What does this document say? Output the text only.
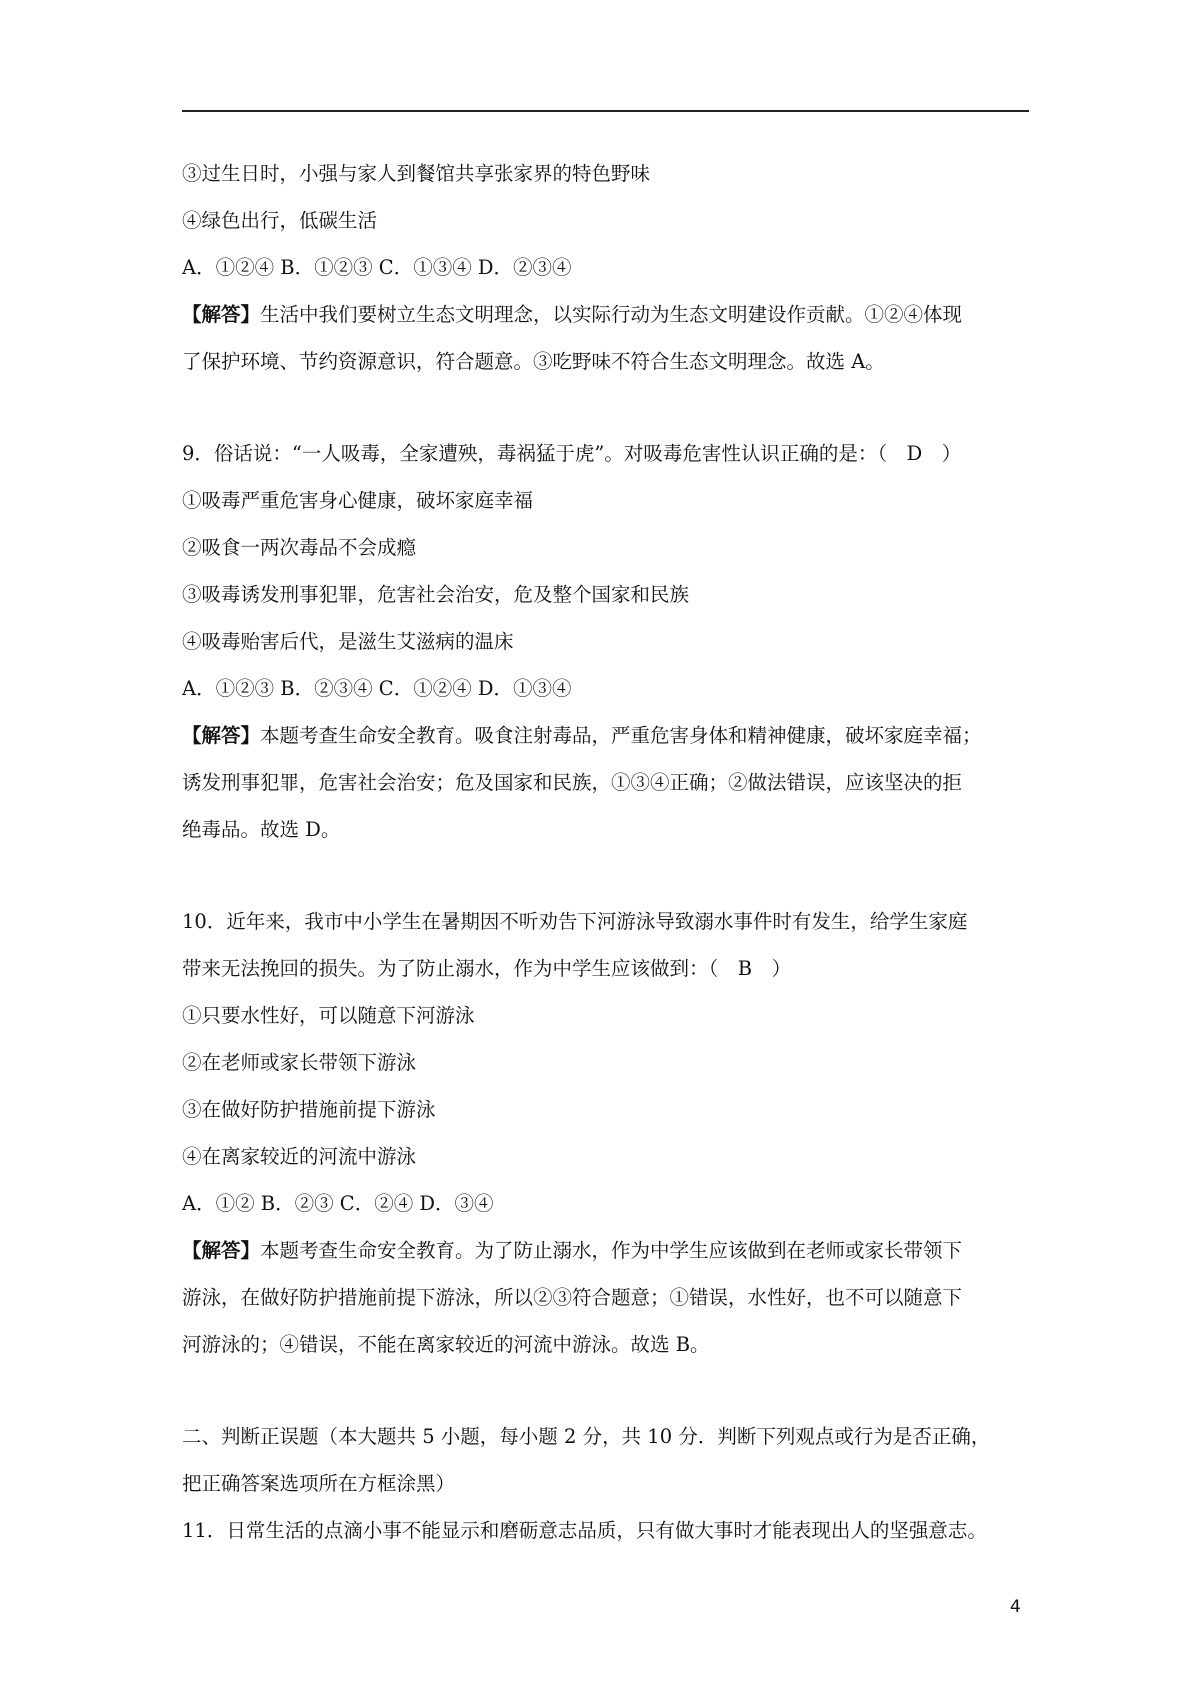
③过生日时，小强与家人到餐馆共享张家界的特色野味
④绿色出行，低碳生活
A．①②④ B．①②③ C．①③④ D．②③④
【解答】生活中我们要树立生态文明理念，以实际行动为生态文明建设作贡献。①②④体现
了保护环境、节约资源意识，符合题意。③吃野味不符合生态文明理念。故选 A。
9．俗话说：“一人吸毒，全家遭殃，毒祸猛于虎”。对吸毒危害性认识正确的是：（　D　）
①吸毒严重危害身心健康，破坏家庭幸福
②吸食一两次毒品不会成瘾
③吸毒诱发刑事犯罪，危害社会治安，危及整个国家和民族
④吸毒贻害后代，是滋生艾滋病的温床
A．①②③ B．②③④ C．①②④ D．①③④
【解答】本题考查生命安全教育。吸食注射毒品，严重危害身体和精神健康，破坏家庭幸福；
诱发刑事犯罪，危害社会治安；危及国家和民族，①③④正确；②做法错误，应该坚决的拒
绝毒品。故选 D。
10．近年来，我市中小学生在暑期因不听劝告下河游泳导致溺水事件时有发生，给学生家庭
带来无法挽回的损失。为了防止溺水，作为中学生应该做到：（　B　）
①只要水性好，可以随意下河游泳
②在老师或家长带领下游泳
③在做好防护措施前提下游泳
④在离家较近的河流中游泳
A．①② B．②③ C．②④ D．③④
【解答】本题考查生命安全教育。为了防止溺水，作为中学生应该做到在老师或家长带领下
游泳，在做好防护措施前提下游泳，所以②③符合题意；①错误，水性好，也不可以随意下
河游泳的；④错误，不能在离家较近的河流中游泳。故选 B。
二、判断正误题（本大题共 5 小题，每小题 2 分，共 10 分．判断下列观点或行为是否正确，
把正确答案选项所在方框涂黑）
11．日常生活的点滴小事不能显示和磨砺意志品质，只有做大事时才能表现出人的坚强意志。
4
